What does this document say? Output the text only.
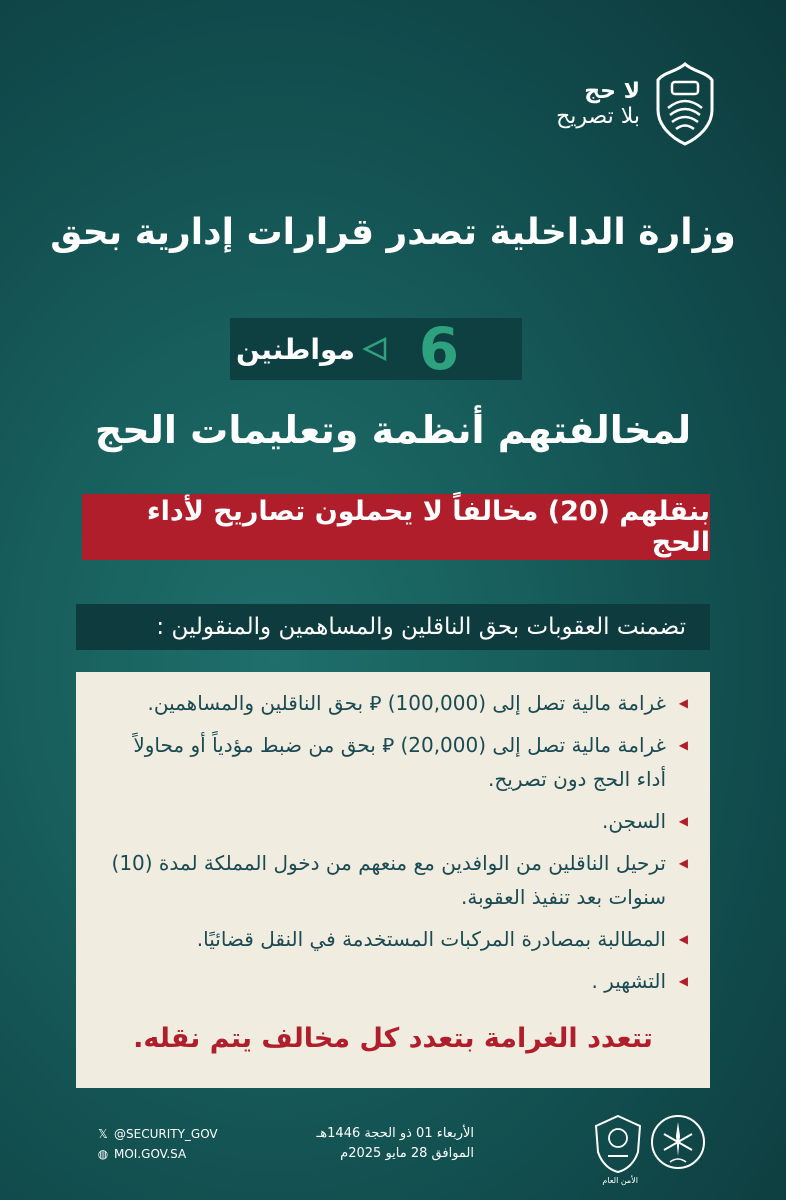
لا حج
بلا تصريح
وزارة الداخلية تصدر قرارات إدارية بحق
مواطنين	6
لمخالفتهم أنظمة وتعليمات الحج
بنقلهم (20) مخالفاً لا يحملون تصاريح لأداء الحج
تضمنت العقوبات بحق الناقلين والمساهمين والمنقولين :
◀
غرامة مالية تصل إلى (100,000) ⃁ بحق الناقلين والمساهمين.
◀
غرامة مالية تصل إلى (20,000) ⃁ بحق من ضبط مؤدياً أو محاولاً أداء الحج دون تصريح.
◀
السجن.
◀
ترحيل الناقلين من الوافدين مع منعهم من دخول المملكة لمدة (10) سنوات بعد تنفيذ العقوبة.
◀
المطالبة بمصادرة المركبات المستخدمة في النقل قضائيًا.
◀
التشهير .
تتعدد الغرامة بتعدد كل مخالف يتم نقله.
الأمن العام
الأربعاء 01 ذو الحجة 1446هـ
الموافق 28 مايو 2025م
𝕏 @SECURITY_GOV
◍ MOI.GOV.SA
